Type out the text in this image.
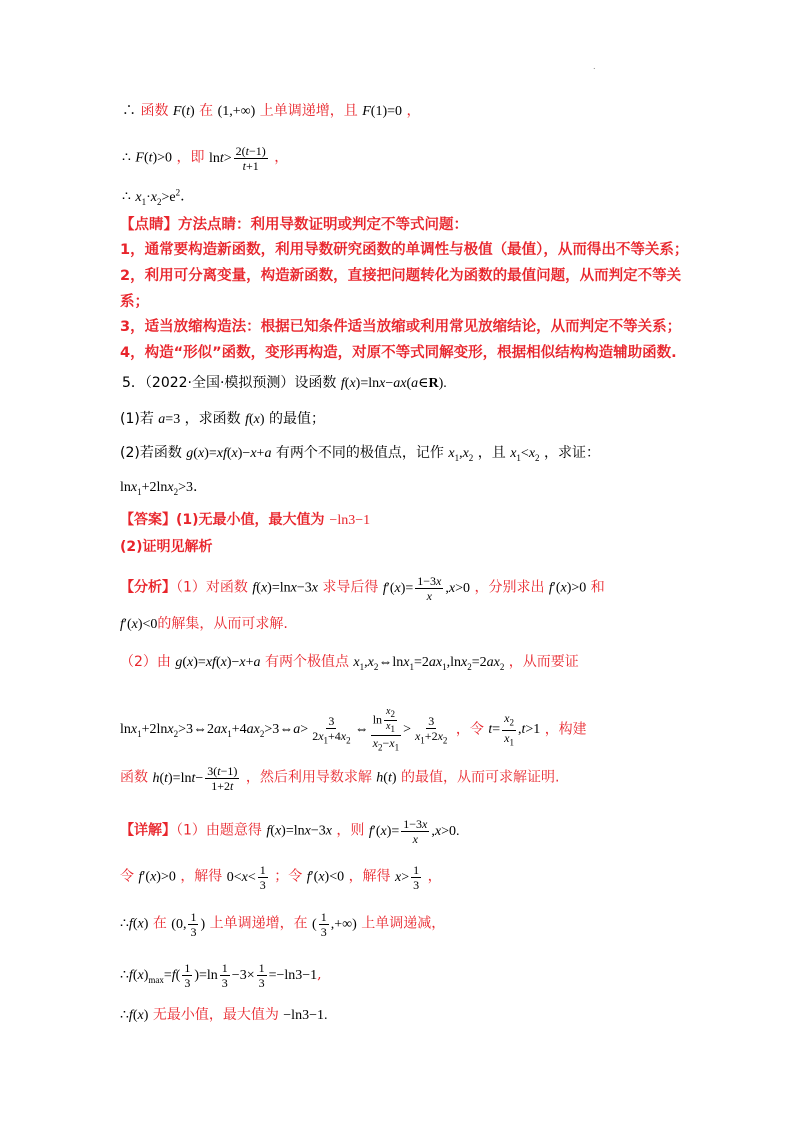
.
∴ 函数 F(t) 在 (1,+∞) 上单调递增，且 F(1)=0 ，
∴ F(t)>0 ，即 $\ln t> \frac{2(t-1)}{t+1}$ ，
∴ $x_1\cdot x_2>e^2$.
【点睛】方法点睛：利用导数证明或判定不等式问题：
1，通常要构造新函数，利用导数研究函数的单调性与极值（最值），从而得出不等关系；
2，利用可分离变量，构造新函数，直接把问题转化为函数的最值问题，从而判定不等关
系；
3，适当放缩构造法：根据已知条件适当放缩或利用常见放缩结论，从而判定不等关系；
4，构造“形似”函数，变形再构造，对原不等式同解变形，根据相似结构构造辅助函数.
5．（2022·全国·模拟预测）设函数 f(x)=lnx−ax(a∈R).
(1)若 a=3 ，求函数 f(x) 的最值；
(2)若函数 g(x)=xf(x)−x+a 有两个不同的极值点，记作 $x_1,x_2$ ，且 $x_1<x_2$ ，求证：
lnx$_1$+2lnx$_2$>3.
【答案】(1)无最小值，最大值为 −ln3−1
(2)证明见解析
【分析】（1）对函数 f(x)=lnx−3x 求导后得 $f'(x)= \frac{1-3x}{x} ,x>0$ ，分别求出 f′(x)>0 和
f′(x)<0的解集，从而可求解.
（2）由 g(x)=xf(x)−x+a 有两个极值点 $x_1,x_2\Leftrightarrow\ln x_1=2ax_1,\ln x_2=2ax_2$ ，从而要证
$\ln x_1+2\ln x_2>3\Leftrightarrow 2ax_1+4ax_2>3\Leftrightarrow a> \frac{3}{2x_1+4x_2}$ ⇔ $\frac{\ln \frac{x_2}{x_1}}{x_2-x_1} > \frac{3}{x_1+2x_2}$ ，令 $t= \frac{x_2}{x_1} ,t>1$ ，构建
函数 $h(t)=\ln t- \frac{3(t-1)}{1+2t}$ ，然后利用导数求解 h(t) 的最值，从而可求解证明.
【详解】（1）由题意得 f(x)=lnx−3x ，则 $f'(x)= \frac{1-3x}{x} ,x>0$.
令 f′(x)>0 ，解得 $0<x< \frac{1}{3}$ ；令 f′(x)<0 ，解得 $x> \frac{1}{3}$ ，
∴f(x) 在 (0, $\frac{1}{3}$ ) 上单调递增，在 ( $\frac{1}{3}$ ,+∞) 上单调递减，
$\therefore f(x)_{max}=f( \frac{1}{3} )=\ln \frac{1}{3} -3\times \frac{1}{3} =-\ln 3-1$,
∴f(x) 无最小值，最大值为 −ln3−1.
